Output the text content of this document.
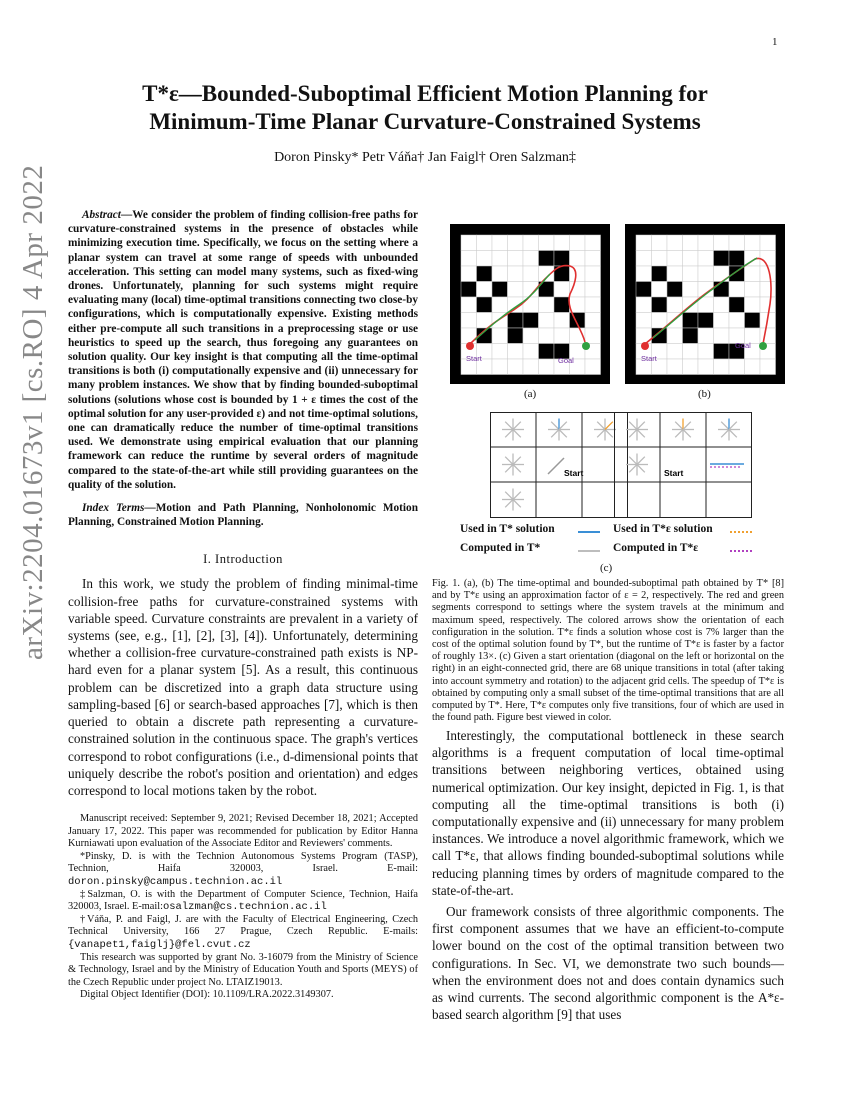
1
arXiv:2204.01673v1 [cs.RO] 4 Apr 2022
T*ε—Bounded-Suboptimal Efficient Motion Planning for
Minimum-Time Planar Curvature-Constrained Systems
Doron Pinsky* Petr Váňa† Jan Faigl† Oren Salzman‡

Abstract—We consider the problem of finding collision-free paths for curvature-constrained systems in the presence of obstacles while minimizing execution time. Specifically, we focus on the setting where a planar system can travel at some range of speeds with unbounded acceleration. This setting can model many systems, such as fixed-wing drones. Unfortunately, planning for such systems might require evaluating many (local) time-optimal transitions connecting two close-by configurations, which is computationally expensive. Existing methods either pre-compute all such transitions in a preprocessing stage or use heuristics to speed up the search, thus foregoing any guarantees on solution quality. Our key insight is that computing all the time-optimal transitions is both (i) computationally expensive and (ii) unnecessary for many problem instances. We show that by finding bounded-suboptimal solutions (solutions whose cost is bounded by 1 + ε times the cost of the optimal solution for any user-provided ε) and not time-optimal solutions, one can dramatically reduce the number of time-optimal transitions used. We demonstrate using empirical evaluation that our planning framework can reduce the runtime by several orders of magnitude compared to the state-of-the-art while still providing guarantees on the quality of the solution.

Index Terms—Motion and Path Planning, Nonholonomic Motion Planning, Constrained Motion Planning.

I. Introduction

In this work, we study the problem of finding minimal-time collision-free paths for curvature-constrained systems with variable speed. Curvature constraints are prevalent in a variety of systems (see, e.g., [1], [2], [3], [4]). Unfortunately, determining whether a collision-free curvature-constrained path exists is NP-hard even for a planar system [5]. As a result, this continuous problem can be discretized into a graph data structure using sampling-based [6] or search-based approaches [7], which is then queried to obtain a discrete path representing a curvature-constrained solution in the continuous space. The graph's vertices correspond to robot configurations (i.e., d-dimensional points that uniquely describe the robot's position and orientation) and edges correspond to local motions taken by the robot.

Manuscript received: September 9, 2021; Revised December 18, 2021; Accepted January 17, 2022. This paper was recommended for publication by Editor Hanna Kurniawati upon evaluation of the Associate Editor and Reviewers' comments.

*Pinsky, D. is with the Technion Autonomous Systems Program (TASP), Technion, Haifa 320003, Israel. E-mail: doron.pinsky@campus.technion.ac.il

‡Salzman, O. is with the Department of Computer Science, Technion, Haifa 320003, Israel. E-mail:osalzman@cs.technion.ac.il

†Váňa, P. and Faigl, J. are with the Faculty of Electrical Engineering, Czech Technical University, 166 27 Prague, Czech Republic. E-mails: {vanapet1,faiglj}@fel.cvut.cz

This research was supported by grant No. 3-16079 from the Ministry of Science & Technology, Israel and by the Ministry of Education Youth and Sports (MEYS) of the Czech Republic under project No. LTAIZ19013.

Digital Object Identifier (DOI): 10.1109/LRA.2022.3149307.

Start	Goal
(a)
Start
Goal
(b)
Start	Start
Used in T* solution
Computed in T*
Used in T*ε solution
Computed in T*ε
(c)

Fig. 1. (a), (b) The time-optimal and bounded-suboptimal path obtained by T* [8] and by T*ε using an approximation factor of ε = 2, respectively. The red and green segments correspond to settings where the system travels at the minimum and maximum speed, respectively. The colored arrows show the orientation of each configuration in the solution. T*ε finds a solution whose cost is 7% larger than the cost of the optimal solution found by T*, but the runtime of T*ε is faster by a factor of roughly 13×. (c) Given a start orientation (diagonal on the left or horizontal on the right) in an eight-connected grid, there are 68 unique transitions in total (after taking into account symmetry and rotation) to the adjacent grid cells. The speedup of T*ε is obtained by computing only a small subset of the time-optimal transitions that are all computed by T*. Here, T*ε computes only five transitions, four of which are used in the found path. Figure best viewed in color.

Interestingly, the computational bottleneck in these search algorithms is a frequent computation of local time-optimal transitions between neighboring vertices, obtained using numerical optimization. Our key insight, depicted in Fig. 1, is that computing all the time-optimal transitions is both (i) computationally expensive and (ii) unnecessary for many problem instances. We introduce a novel algorithmic framework, which we call T*ε, that allows finding bounded-suboptimal solutions while reducing planning times by orders of magnitude compared to the state-of-the-art.

Our framework consists of three algorithmic components. The first component assumes that we have an efficient-to-compute lower bound on the cost of the optimal transition between two configurations. In Sec. VI, we demonstrate two such bounds—when the environment does not and does contain dynamics such as wind currents. The second algorithmic component is the A*ε-based search algorithm [9] that uses
